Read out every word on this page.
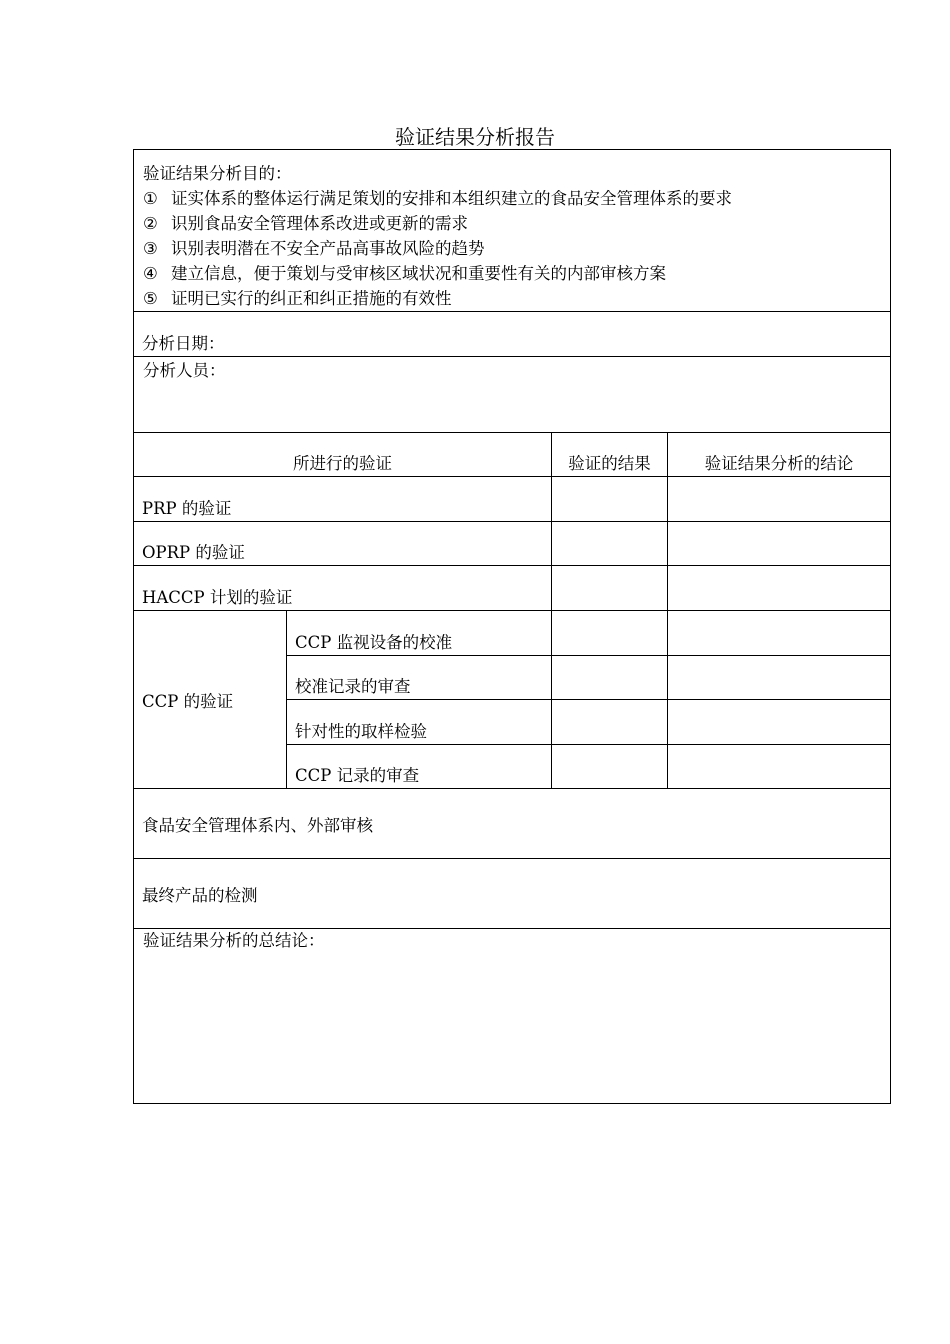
验证结果分析报告
验证结果分析目的：
① 证实体系的整体运行满足策划的安排和本组织建立的食品安全管理体系的要求
② 识别食品安全管理体系改进或更新的需求
③ 识别表明潜在不安全产品高事故风险的趋势
④ 建立信息，便于策划与受审核区域状况和重要性有关的内部审核方案
⑤ 证明已实行的纠正和纠正措施的有效性
分析日期：
分析人员：
所进行的验证	验证的结果	验证结果分析的结论
PRP 的验证
OPRP 的验证
HACCP 计划的验证
CCP 的验证
CCP 监视设备的校准
校准记录的审查
针对性的取样检验
CCP 记录的审查
食品安全管理体系内、外部审核
最终产品的检测
验证结果分析的总结论：
